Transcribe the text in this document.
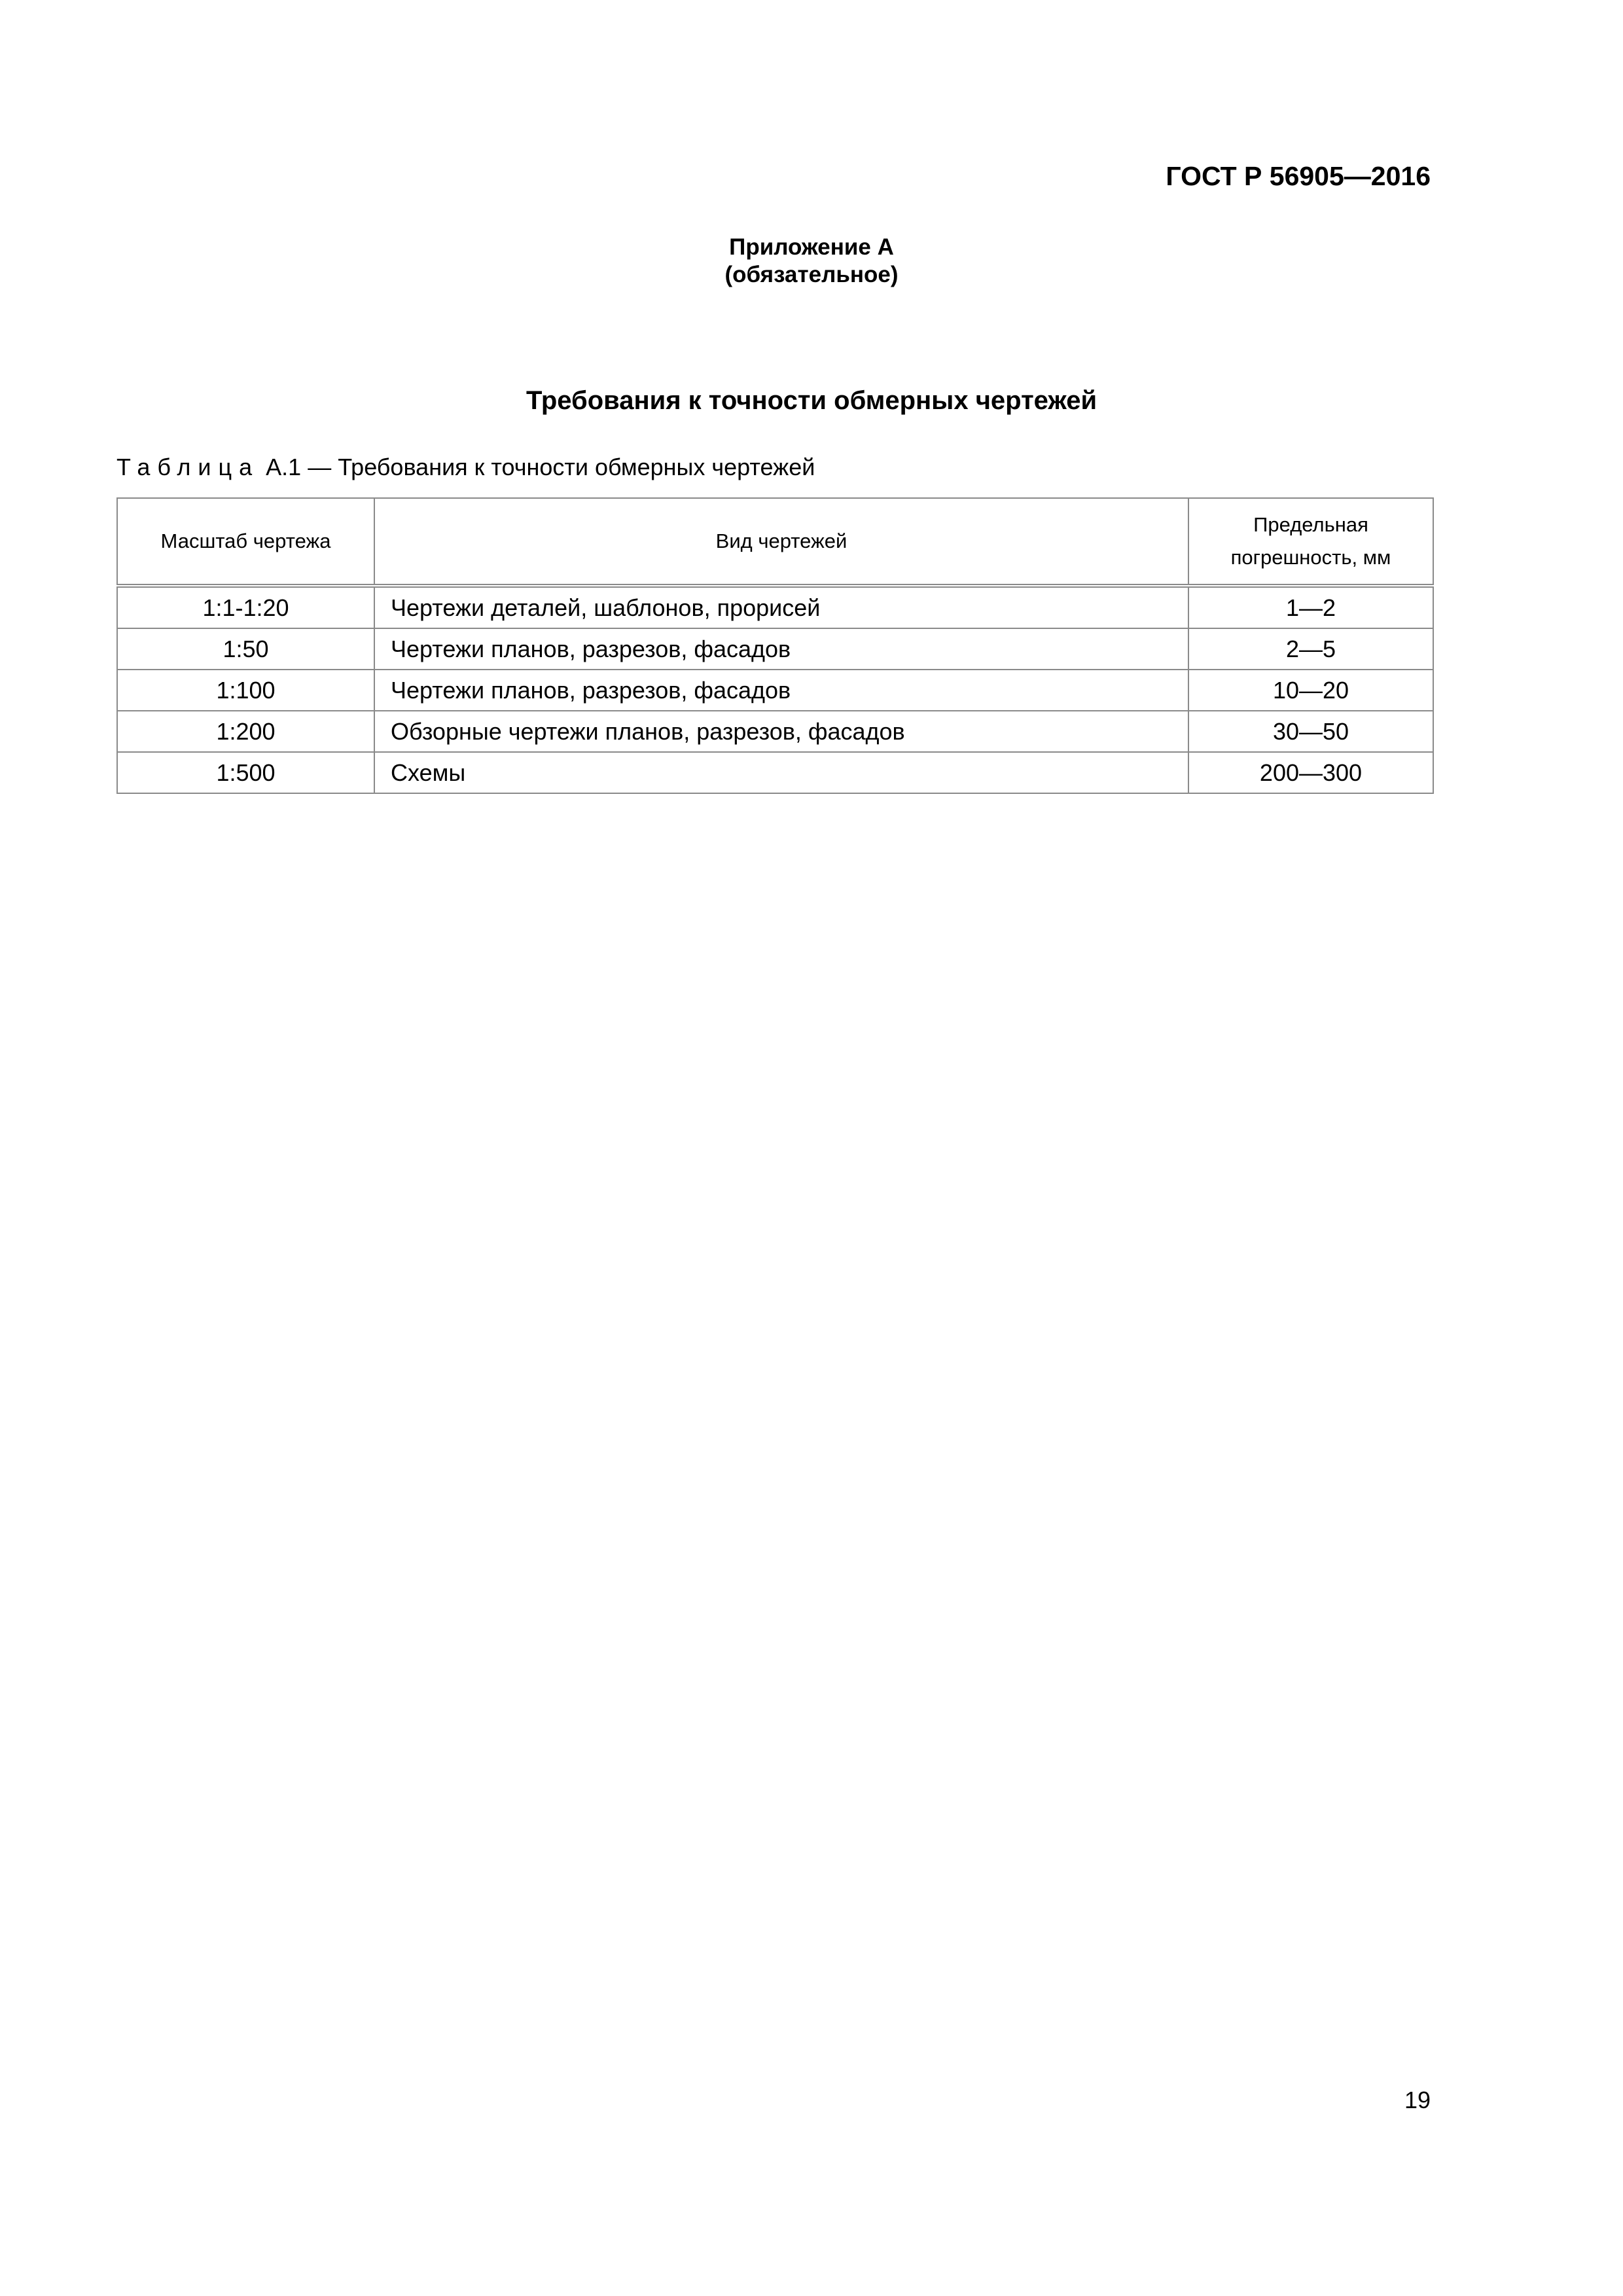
ГОСТ Р 56905—2016
Приложение А
(обязательное)
Требования к точности обмерных чертежей
Таблица А.1 — Требования к точности обмерных чертежей
Масштаб чертежа	Вид чертежей	Предельная
погрешность, мм
1:1-1:20	Чертежи деталей, шаблонов, прорисей	1—2
1:50	Чертежи планов, разрезов, фасадов	2—5
1:100	Чертежи планов, разрезов, фасадов	10—20
1:200	Обзорные чертежи планов, разрезов, фасадов	30—50
1:500	Схемы	200—300
19
